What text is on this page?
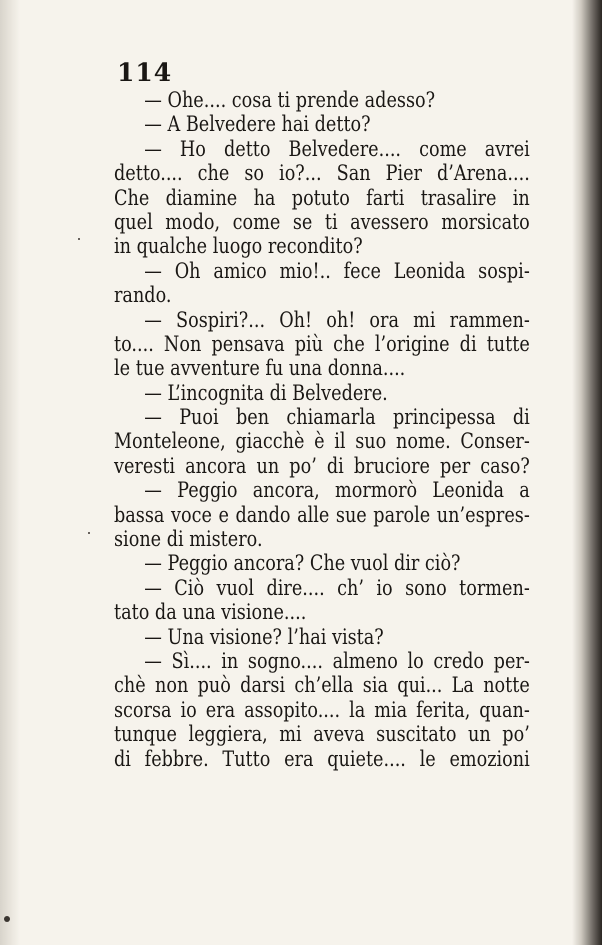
114
— Ohe.... cosa ti prende adesso?
— A Belvedere hai detto?
— Ho detto Belvedere.... come avrei
detto.... che so io?... San Pier d’Arena....
Che diamine ha potuto farti trasalire in
quel modo, come se ti avessero morsicato
in qualche luogo recondito?
— Oh amico mio!.. fece Leonida sospi-
rando.
— Sospiri?... Oh! oh! ora mi rammen-
to.... Non pensava più che l’origine di tutte
le tue avventure fu una donna....
— L’incognita di Belvedere.
— Puoi ben chiamarla principessa di
Monteleone, giacchè è il suo nome. Conser-
veresti ancora un po’ di bruciore per caso?
— Peggio ancora, mormorò Leonida a
bassa voce e dando alle sue parole un’espres-
sione di mistero.
— Peggio ancora? Che vuol dir ciò?
— Ciò vuol dire.... ch’ io sono tormen-
tato da una visione....
— Una visione? l’hai vista?
— Sì.... in sogno.... almeno lo credo per-
chè non può darsi ch’ella sia qui... La notte
scorsa io era assopito.... la mia ferita, quan-
tunque leggiera, mi aveva suscitato un po’
di febbre. Tutto era quiete.... le emozioni
